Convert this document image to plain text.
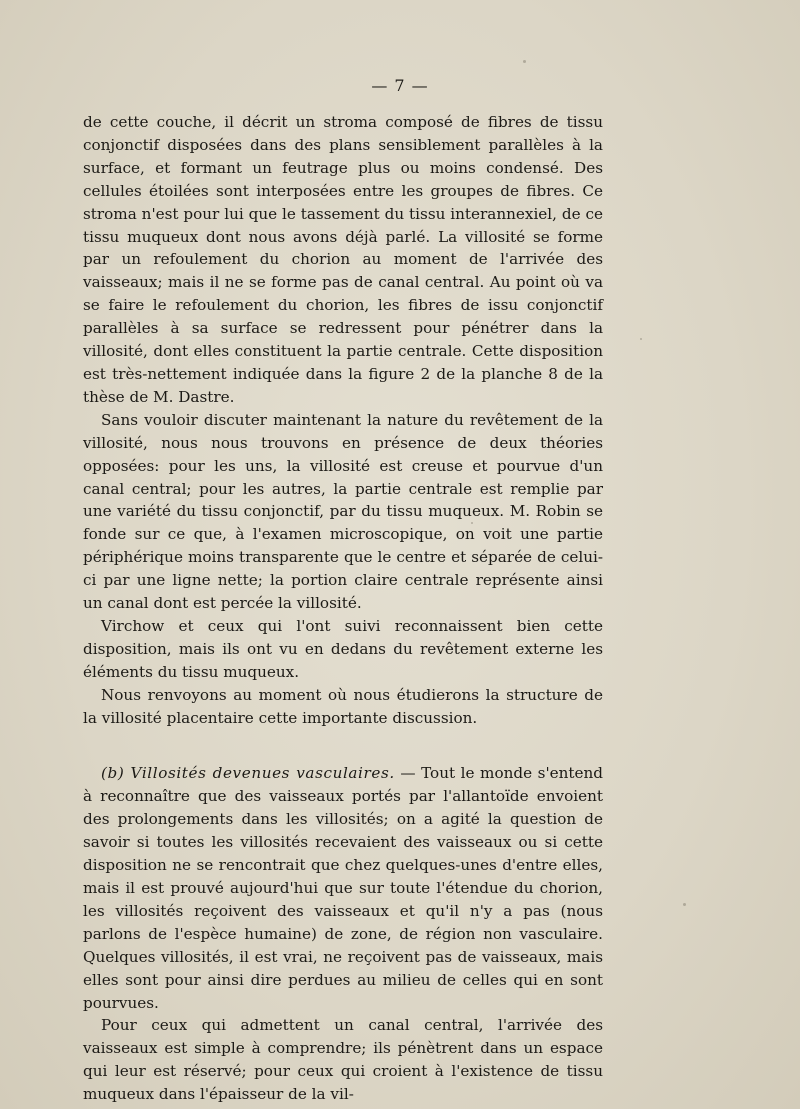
— 7 —

de cette couche, il décrit un stroma composé de fibres de tissu conjonctif disposées dans des plans sensiblement parallèles à la surface, et formant un feutrage plus ou moins condensé. Des cellules étoilées sont interposées entre les groupes de fibres. Ce stroma n'est pour lui que le tassement du tissu interannexiel, de ce tissu muqueux dont nous avons déjà parlé. La villosité se forme par un refoulement du chorion au moment de l'arrivée des vaisseaux; mais il ne se forme pas de canal central. Au point où va se faire le refoulement du chorion, les fibres de issu conjonctif parallèles à sa surface se redressent pour pénétrer dans la villosité, dont elles constituent la partie centrale. Cette disposition est très-nettement indiquée dans la figure 2 de la planche 8 de la thèse de M. Dastre.

Sans vouloir discuter maintenant la nature du revêtement de la villosité, nous nous trouvons en présence de deux théories opposées: pour les uns, la villosité est creuse et pourvue d'un canal central; pour les autres, la partie centrale est remplie par une variété du tissu conjonctif, par du tissu muqueux. M. Robin se fonde sur ce que, à l'examen microscopique, on voit une partie périphérique moins transparente que le centre et séparée de celui-ci par une ligne nette; la portion claire centrale représente ainsi un canal dont est percée la villosité.

Virchow et ceux qui l'ont suivi reconnaissent bien cette disposition, mais ils ont vu en dedans du revêtement externe les éléments du tissu muqueux.

Nous renvoyons au moment où nous étudierons la structure de la villosité placentaire cette importante discussion.

(b) Villosités devenues vasculaires. — Tout le monde s'entend à reconnaître que des vaisseaux portés par l'allantoïde envoient des prolongements dans les villosités; on a agité la question de savoir si toutes les villosités recevaient des vaisseaux ou si cette disposition ne se rencontrait que chez quelques-unes d'entre elles, mais il est prouvé aujourd'hui que sur toute l'étendue du chorion, les villosités reçoivent des vaisseaux et qu'il n'y a pas (nous parlons de l'espèce humaine) de zone, de région non vasculaire. Quelques villosités, il est vrai, ne reçoivent pas de vaisseaux, mais elles sont pour ainsi dire perdues au milieu de celles qui en sont pourvues.

Pour ceux qui admettent un canal central, l'arrivée des vaisseaux est simple à comprendre; ils pénètrent dans un espace qui leur est réservé; pour ceux qui croient à l'existence de tissu muqueux dans l'épaisseur de la vil-
